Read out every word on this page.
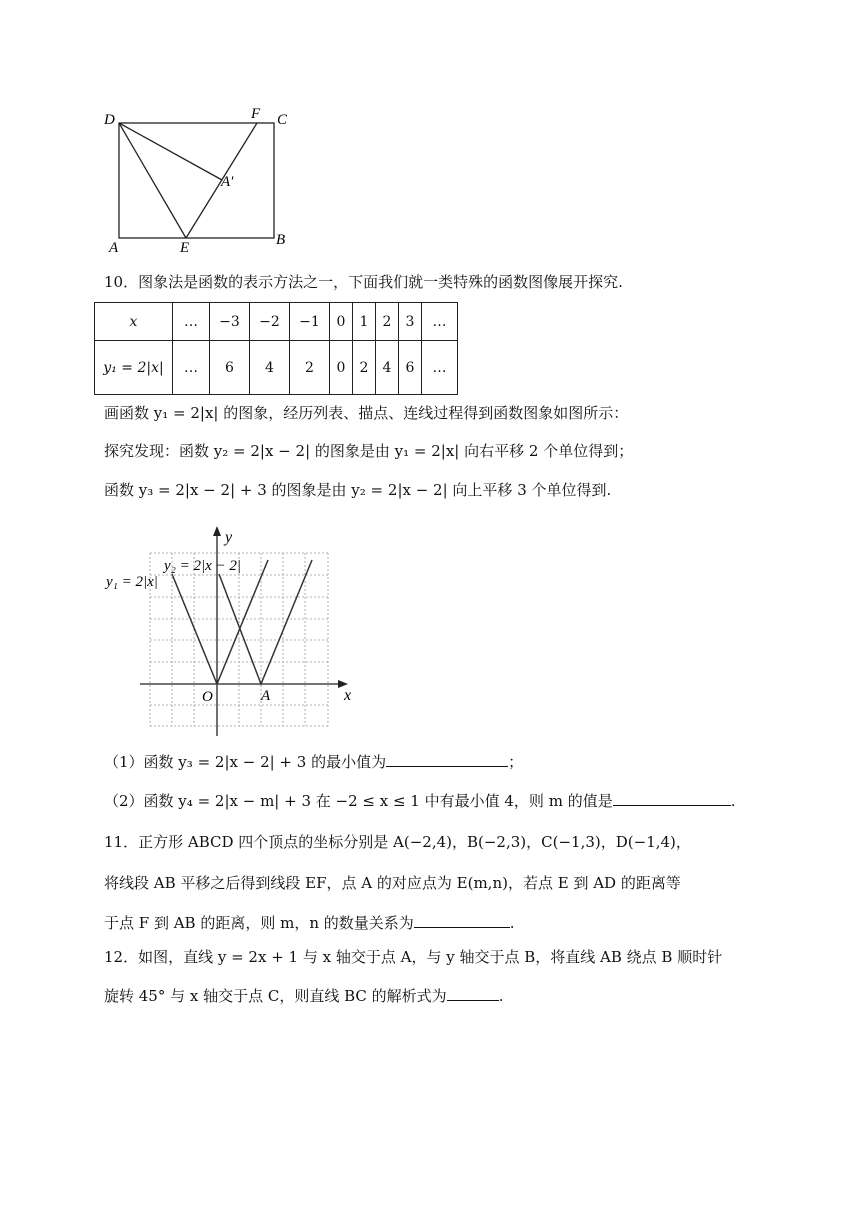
D	F C
A′
A	E	B
10．图象法是函数的表示方法之一，下面我们就一类特殊的函数图像展开探究.
x	…	−3	−2	−1	0	1	2	3	…
y₁ = 2|x|	…	6	4	2	0	2	4	6	…
画函数 y₁ = 2|x| 的图象，经历列表、描点、连线过程得到函数图象如图所示：
探究发现：函数 y₂ = 2|x − 2| 的图象是由 y₁ = 2|x| 向右平移 2 个单位得到；
函数 y₃ = 2|x − 2| + 3 的图象是由 y₂ = 2|x − 2| 向上平移 3 个单位得到.
y
x
O	A
y₁ = 2|x|
y₂ = 2|x − 2|
（1）函数 y₃ = 2|x − 2| + 3 的最小值为	；
（2）函数 y₄ = 2|x − m| + 3 在 −2 ≤ x ≤ 1 中有最小值 4，则 m 的值是	.
11．正方形 ABCD 四个顶点的坐标分别是 A(−2,4)，B(−2,3)，C(−1,3)，D(−1,4)，
将线段 AB 平移之后得到线段 EF，点 A 的对应点为 E(m,n)，若点 E 到 AD 的距离等
于点 F 到 AB 的距离，则 m，n 的数量关系为	.
12．如图，直线 y = 2x + 1 与 x 轴交于点 A，与 y 轴交于点 B，将直线 AB 绕点 B 顺时针
旋转 45° 与 x 轴交于点 C，则直线 BC 的解析式为	.
